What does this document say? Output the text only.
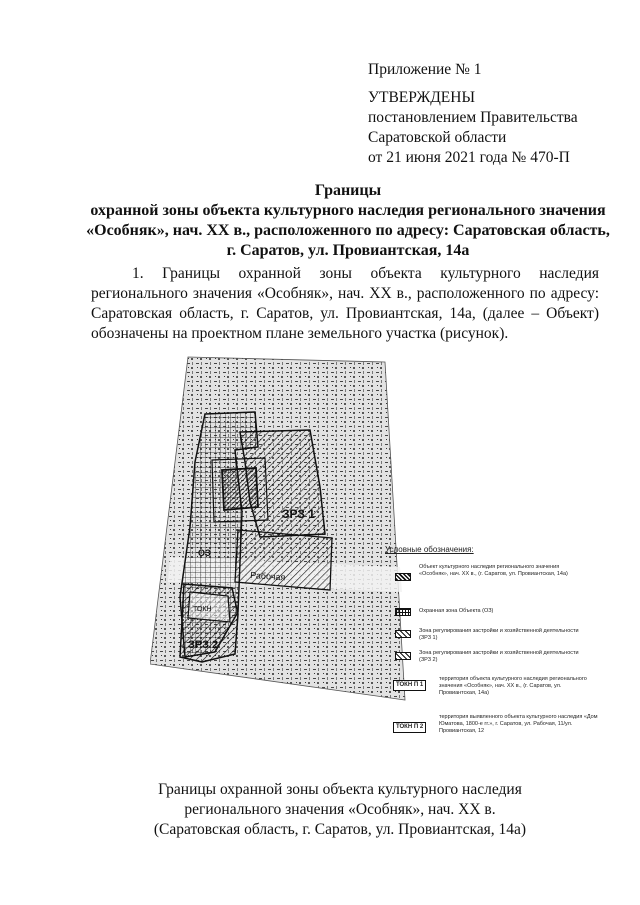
Приложение № 1
УТВЕРЖДЕНЫ
постановлением Правительства
Саратовской области
от 21 июня 2021 года № 470-П
Границы
охранной зоны объекта культурного наследия регионального значения
«Особняк», нач. XX в., расположенного по адресу: Саратовская область,
г. Саратов, ул. Провиантская, 14а
1. Границы охранной зоны объекта культурного наследия регионального значения «Особняк», нач. XX в., расположенного по адресу: Саратовская область, г. Саратов, ул. Провиантская, 14а, (далее – Объект) обозначены на проектном плане земельного участка (рисунок).
ЗРЗ 1
ЗРЗ 2
ОЗ
Рабочая
ТОКН
Условные обозначения:
Объект культурного наследия регионального значения «Особняк», нач. XX в., (г. Саратов, ул. Провиантская, 14а)
Охранная зона Объекта (ОЗ)
Зона регулирования застройки и хозяйственной деятельности (ЗРЗ 1)
Зона регулирования застройки и хозяйственной деятельности (ЗРЗ 2)
ТОКН П 1
территория объекта культурного наследия регионального значения «Особняк», нач. XX в., (г. Саратов, ул. Провиантская, 14а)
ТОКН П 2
территория выявленного объекта культурного наследия «Дом Юматова, 1800-е гг.», г. Саратов, ул. Рабочая, 11/ул. Провиантская, 12
Границы охранной зоны объекта культурного наследия
регионального значения «Особняк», нач. XX в.
(Саратовская область, г. Саратов, ул. Провиантская, 14а)
